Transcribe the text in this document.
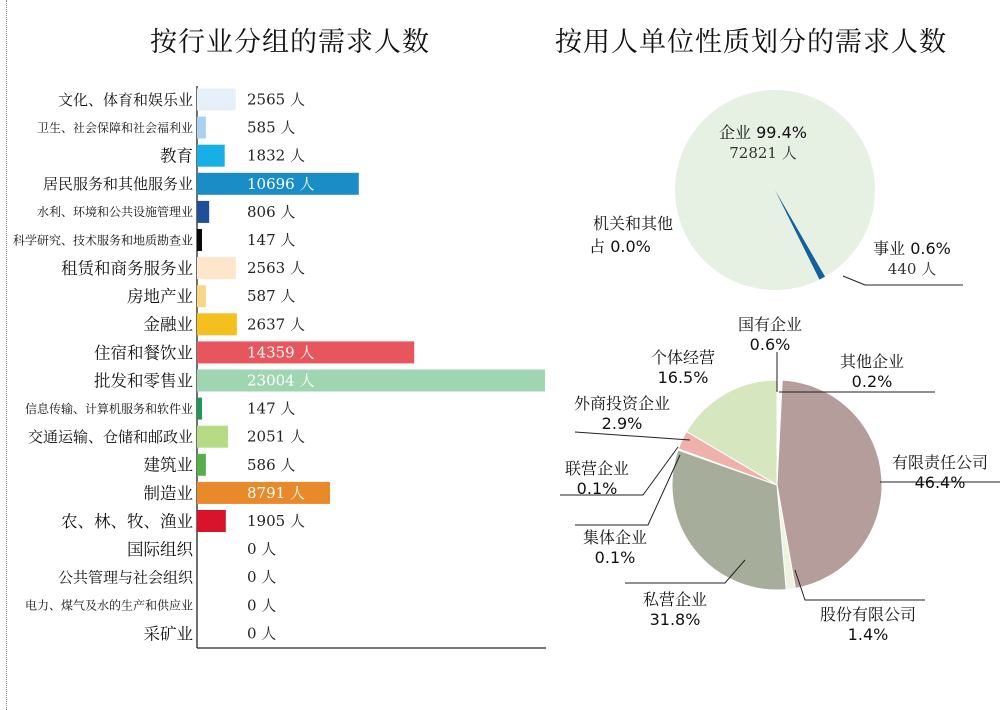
按行业分组的需求人数	按用人单位性质划分的需求人数
文化、体育和娱乐业	2565 人
卫生、社会保障和社会福利业	585 人
教育	1832 人
居民服务和其他服务业	10696 人
水利、环境和公共设施管理业	806 人
科学研究、技术服务和地质勘查业	147 人
租赁和商务服务业	2563 人
房地产业	587 人
金融业	2637 人
住宿和餐饮业	14359 人
批发和零售业	23004 人
信息传输、计算机服务和软件业	147 人
交通运输、仓储和邮政业	2051 人
建筑业	586 人
制造业	8791 人
农、林、牧、渔业	1905 人
国际组织	0 人
公共管理与社会组织	0 人
电力、煤气及水的生产和供应业	0 人
采矿业	0 人
企业 99.4%
72821 人
事业 0.6%
440 人
机关和其他
占 0.0%
国有企业
0.6%
其他企业
0.2%
有限责任公司
46.4%
股份有限公司
1.4%
私营企业
31.8%
集体企业
0.1%
联营企业
0.1%
外商投资企业
2.9%
个体经营
16.5%
